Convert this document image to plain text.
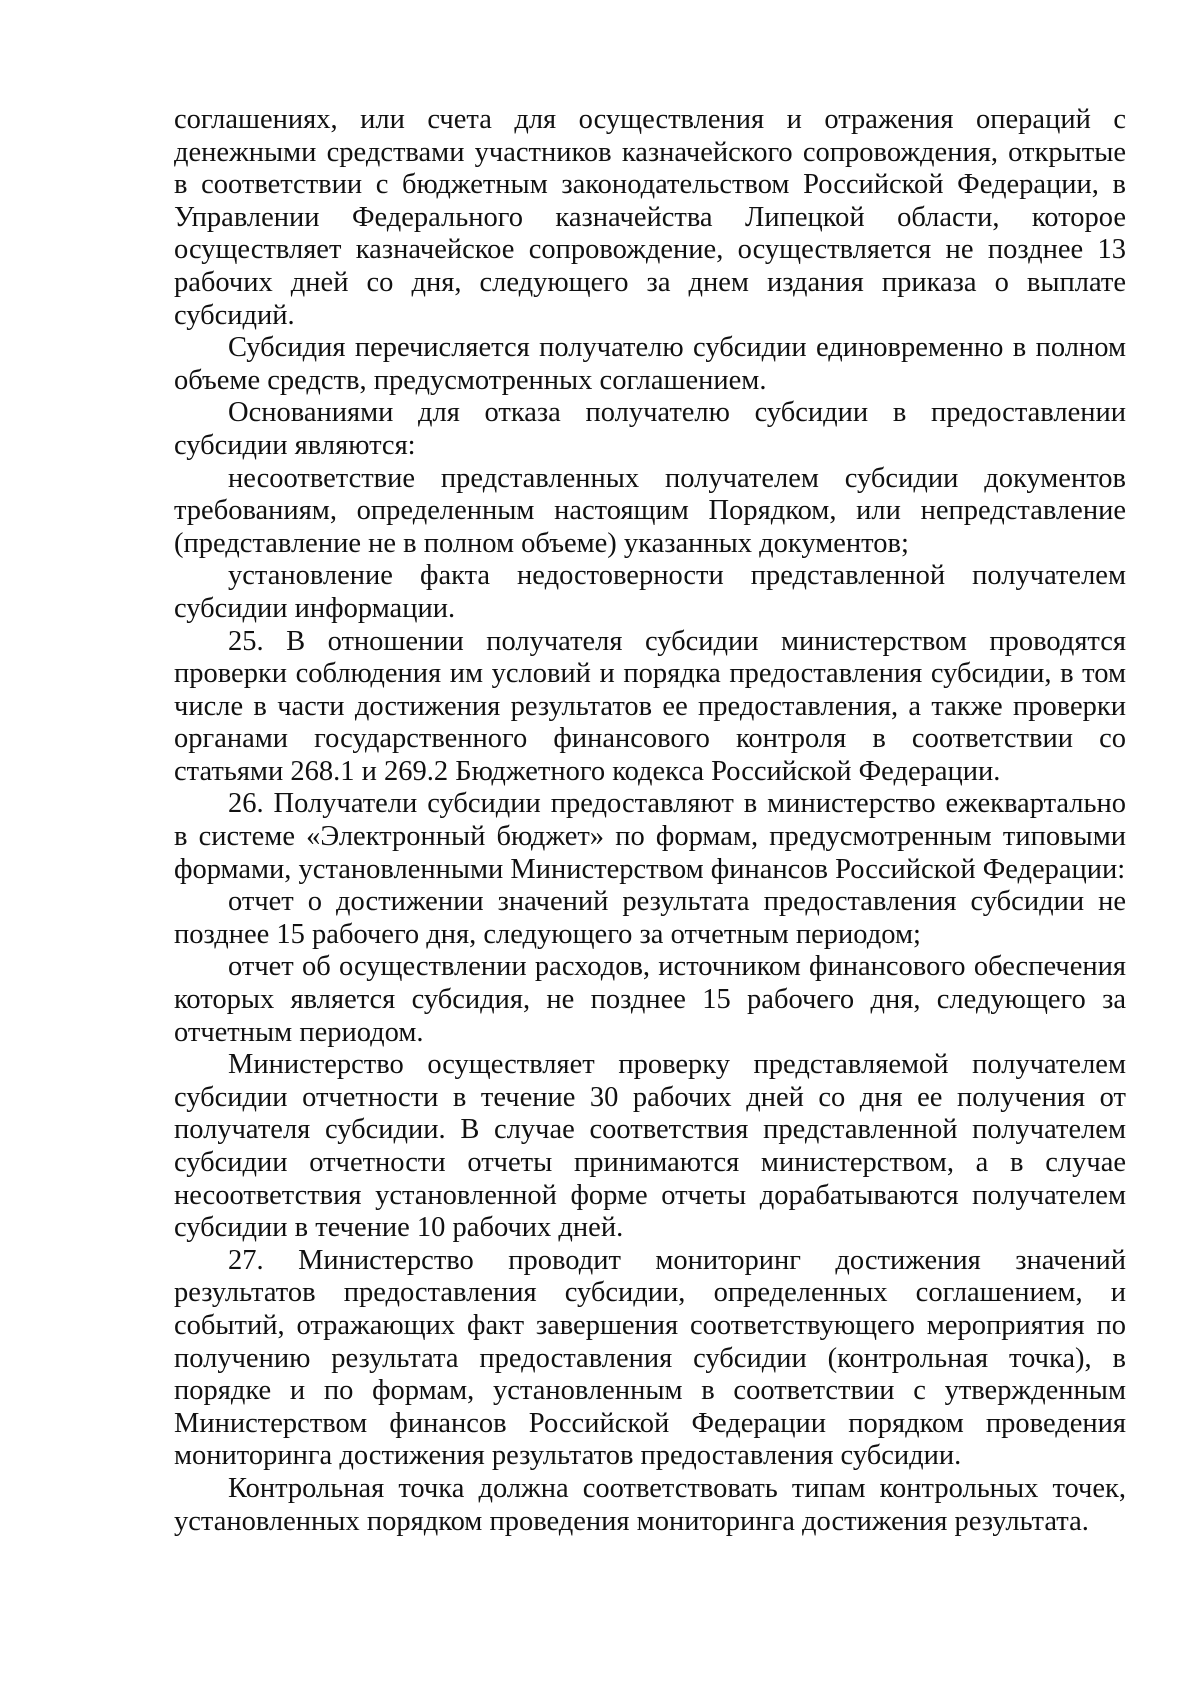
соглашениях, или счета для осуществления и отражения операций с денежными средствами участников казначейского сопровождения, открытые в соответствии с бюджетным законодательством Российской Федерации, в Управлении Федерального казначейства Липецкой области, которое осуществляет казначейское сопровождение, осуществляется не позднее 13 рабочих дней со дня, следующего за днем издания приказа о выплате субсидий.

Субсидия перечисляется получателю субсидии единовременно в полном объеме средств, предусмотренных соглашением.

Основаниями для отказа получателю субсидии в предоставлении субсидии являются:

несоответствие представленных получателем субсидии документов требованиям, определенным настоящим Порядком, или непредставление (представление не в полном объеме) указанных документов;

установление факта недостоверности представленной получателем субсидии информации.

25. В отношении получателя субсидии министерством проводятся проверки соблюдения им условий и порядка предоставления субсидии, в том числе в части достижения результатов ее предоставления, а также проверки органами государственного финансового контроля в соответствии со статьями 268.1 и 269.2 Бюджетного кодекса Российской Федерации.

26. Получатели субсидии предоставляют в министерство ежеквартально в системе «Электронный бюджет» по формам, предусмотренным типовыми формами, установленными Министерством финансов Российской Федерации:

отчет о достижении значений результата предоставления субсидии не позднее 15 рабочего дня, следующего за отчетным периодом;

отчет об осуществлении расходов, источником финансового обеспечения которых является субсидия, не позднее 15 рабочего дня, следующего за отчетным периодом.

Министерство осуществляет проверку представляемой получателем субсидии отчетности в течение 30 рабочих дней со дня ее получения от получателя субсидии. В случае соответствия представленной получателем субсидии отчетности отчеты принимаются министерством, а в случае несоответствия установленной форме отчеты дорабатываются получателем субсидии в течение 10 рабочих дней.

27. Министерство проводит мониторинг достижения значений результатов предоставления субсидии, определенных соглашением, и событий, отражающих факт завершения соответствующего мероприятия по получению результата предоставления субсидии (контрольная точка), в порядке и по формам, установленным в соответствии с утвержденным Министерством финансов Российской Федерации порядком проведения мониторинга достижения результатов предоставления субсидии.

Контрольная точка должна соответствовать типам контрольных точек, установленных порядком проведения мониторинга достижения результата.
